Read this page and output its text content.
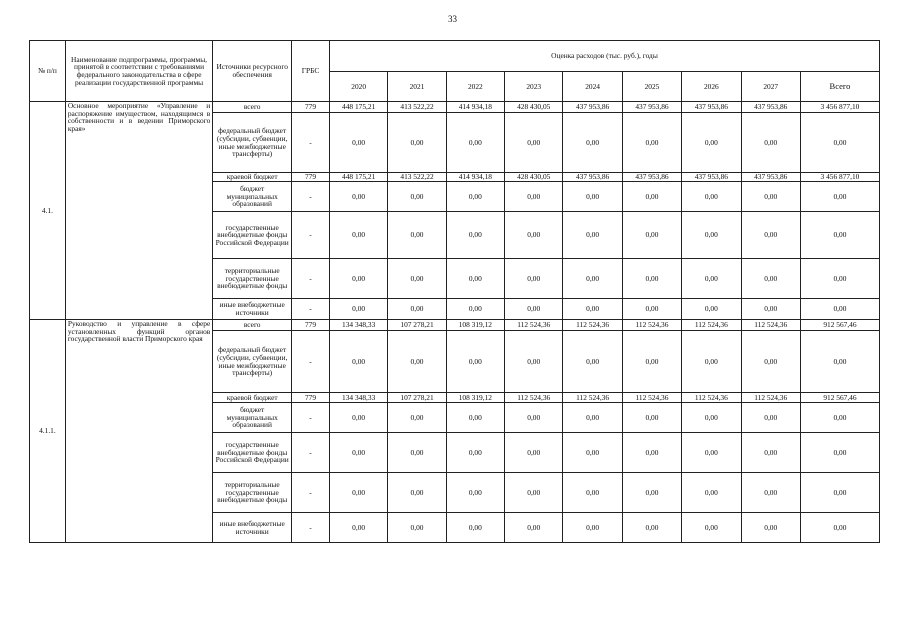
33
№ п/п	Наименование подпрограммы, программы, принятой в соответствии с требованиями федерального законодательства в сфере реализации государственной программы	Источники ресурсного обеспечения	ГРБС	Оценка расходов (тыс. руб.), годы								
				2020	2021	2022	2023	2024	2025	2026	2027	Всего
4.1.	Основное мероприятие «Управление и распоряжение имуществом, находящимся в собственности и в ведении Приморского края»	всего	779	448 175,21	413 522,22	414 934,18	428 430,05	437 953,86	437 953,86	437 953,86	437 953,86	3 456 877,10
		федеральный бюджет (субсидии, субвенции, иные межбюджетные трансферты)	-	0,00	0,00	0,00	0,00	0,00	0,00	0,00	0,00	0,00
		краевой бюджет	779	448 175,21	413 522,22	414 934,18	428 430,05	437 953,86	437 953,86	437 953,86	437 953,86	3 456 877,10
		бюджет муниципальных образований	-	0,00	0,00	0,00	0,00	0,00	0,00	0,00	0,00	0,00
		государственные внебюджетные фонды Российской Федерации	-	0,00	0,00	0,00	0,00	0,00	0,00	0,00	0,00	0,00
		территориальные государственные внебюджетные фонды	-	0,00	0,00	0,00	0,00	0,00	0,00	0,00	0,00	0,00
		иные внебюджетные источники	-	0,00	0,00	0,00	0,00	0,00	0,00	0,00	0,00	0,00
4.1.1.	Руководство и управление в сфере установленных функций органов государственной власти Приморского края	всего	779	134 348,33	107 278,21	108 319,12	112 524,36	112 524,36	112 524,36	112 524,36	112 524,36	912 567,46
		федеральный бюджет (субсидии, субвенции, иные межбюджетные трансферты)	-	0,00	0,00	0,00	0,00	0,00	0,00	0,00	0,00	0,00
		краевой бюджет	779	134 348,33	107 278,21	108 319,12	112 524,36	112 524,36	112 524,36	112 524,36	112 524,36	912 567,46
		бюджет муниципальных образований	-	0,00	0,00	0,00	0,00	0,00	0,00	0,00	0,00	0,00
		государственные внебюджетные фонды Российской Федерации	-	0,00	0,00	0,00	0,00	0,00	0,00	0,00	0,00	0,00
		территориальные государственные внебюджетные фонды	-	0,00	0,00	0,00	0,00	0,00	0,00	0,00	0,00	0,00
		иные внебюджетные источники	-	0,00	0,00	0,00	0,00	0,00	0,00	0,00	0,00	0,00
